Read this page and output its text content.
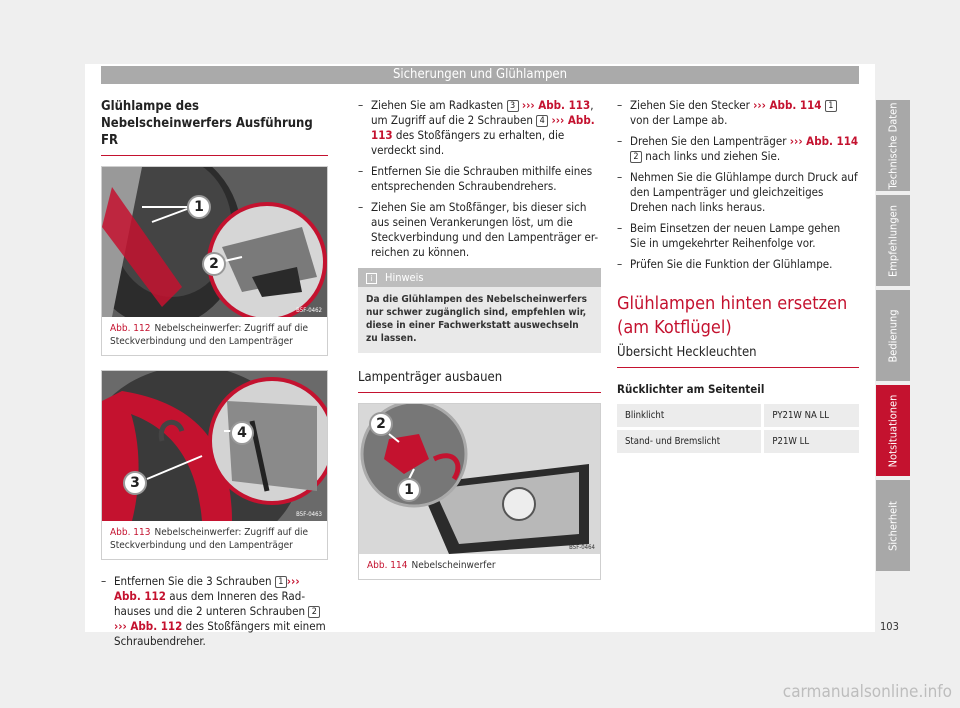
Sicherungen und Glühlampen
Glühlampe des Nebelscheinwerfers Ausführung FR
1
2
B5F-0462
Abb. 112 Nebelscheinwerfer: Zugriff auf die Steckverbindung und den Lampenträger
3
4
B5F-0463
Abb. 113 Nebelscheinwerfer: Zugriff auf die Steckverbindung und den Lampenträger
– Entfernen Sie die 3 Schrauben 1 ››› Abb. 112 aus dem Inneren des Rad-hauses und die 2 unteren Schrauben 2››› Abb. 112 des Stoßfängers mit einem Schraubendreher.
– Ziehen Sie am Radkasten 3 ››› Abb. 113, um Zugriff auf die 2 Schrauben 4 ››› Abb. 113 des Stoßfängers zu erhalten, die verdeckt sind.
– Entfernen Sie die Schrauben mithilfe eines entsprechenden Schraubendrehers.
– Ziehen Sie am Stoßfänger, bis dieser sich aus seinen Verankerungen löst, um die Steckverbindung und den Lampenträger er-reichen zu können.
i Hinweis
Da die Glühlampen des Nebelscheinwerfers nur schwer zugänglich sind, empfehlen wir, diese in einer Fachwerkstatt auswechseln zu lassen.
Lampenträger ausbauen
2
1
B5F-0464
Abb. 114 Nebelscheinwerfer
– Ziehen Sie den Stecker ››› Abb. 114 1 von der Lampe ab.
– Drehen Sie den Lampenträger ››› Abb. 114 2 nach links und ziehen Sie.
– Nehmen Sie die Glühlampe durch Druck auf den Lampenträger und gleichzeitiges Drehen nach links heraus.
– Beim Einsetzen der neuen Lampe gehen Sie in umgekehrter Reihenfolge vor.
– Prüfen Sie die Funktion der Glühlampe.
Glühlampen hinten ersetzen (am Kotflügel)
Übersicht Heckleuchten
Rücklichter am Seitenteil
Blinklicht	PY21W NA LL
Stand- und Bremslicht	P21W LL
Technische Daten
Empfehlungen
Bedienung
Notsituationen
Sicherheit
103
carmanualsonline.info
